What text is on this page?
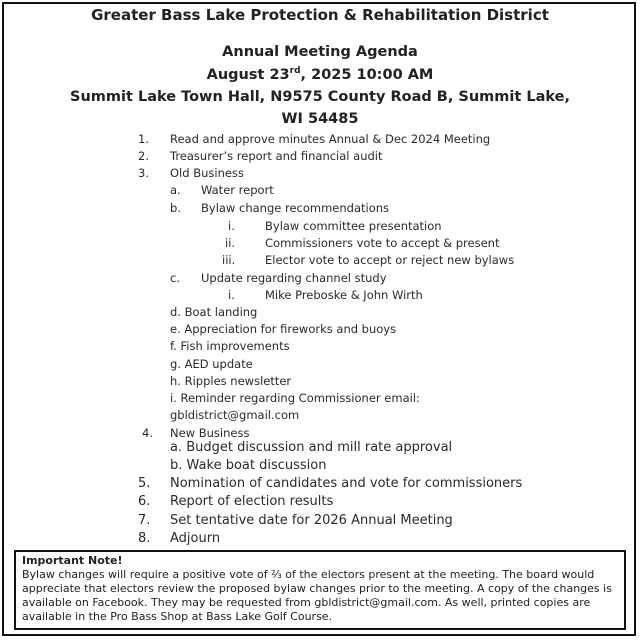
Greater Bass Lake Protection & Rehabilitation District
Annual Meeting Agenda
August 23rd, 2025 10:00 AM
Summit Lake Town Hall, N9575 County Road B, Summit Lake,
WI 54485
1. Read and approve minutes Annual & Dec 2024 Meeting
2. Treasurer’s report and financial audit
3. Old Business
a. Water report
b. Bylaw change recommendations
i.	Bylaw committee presentation
ii.	Commissioners vote to accept & present
iii.	Elector vote to accept or reject new bylaws
c. Update regarding channel study
i.	Mike Preboske & John Wirth
d. Boat landing
e. Appreciation for fireworks and buoys
f. Fish improvements
g. AED update
h. Ripples newsletter
i. Reminder regarding Commissioner email:
gbldistrict@gmail.com
4. New Business
a. Budget discussion and mill rate approval
b. Wake boat discussion
5. Nomination of candidates and vote for commissioners
6. Report of election results
7. Set tentative date for 2026 Annual Meeting
8. Adjourn
Important Note!
Bylaw changes will require a positive vote of ⅔ of the electors present at the meeting. The board would appreciate that electors review the proposed bylaw changes prior to the meeting. A copy of the changes is available on Facebook. They may be requested from gbldistrict@gmail.com. As well, printed copies are available in the Pro Bass Shop at Bass Lake Golf Course.
